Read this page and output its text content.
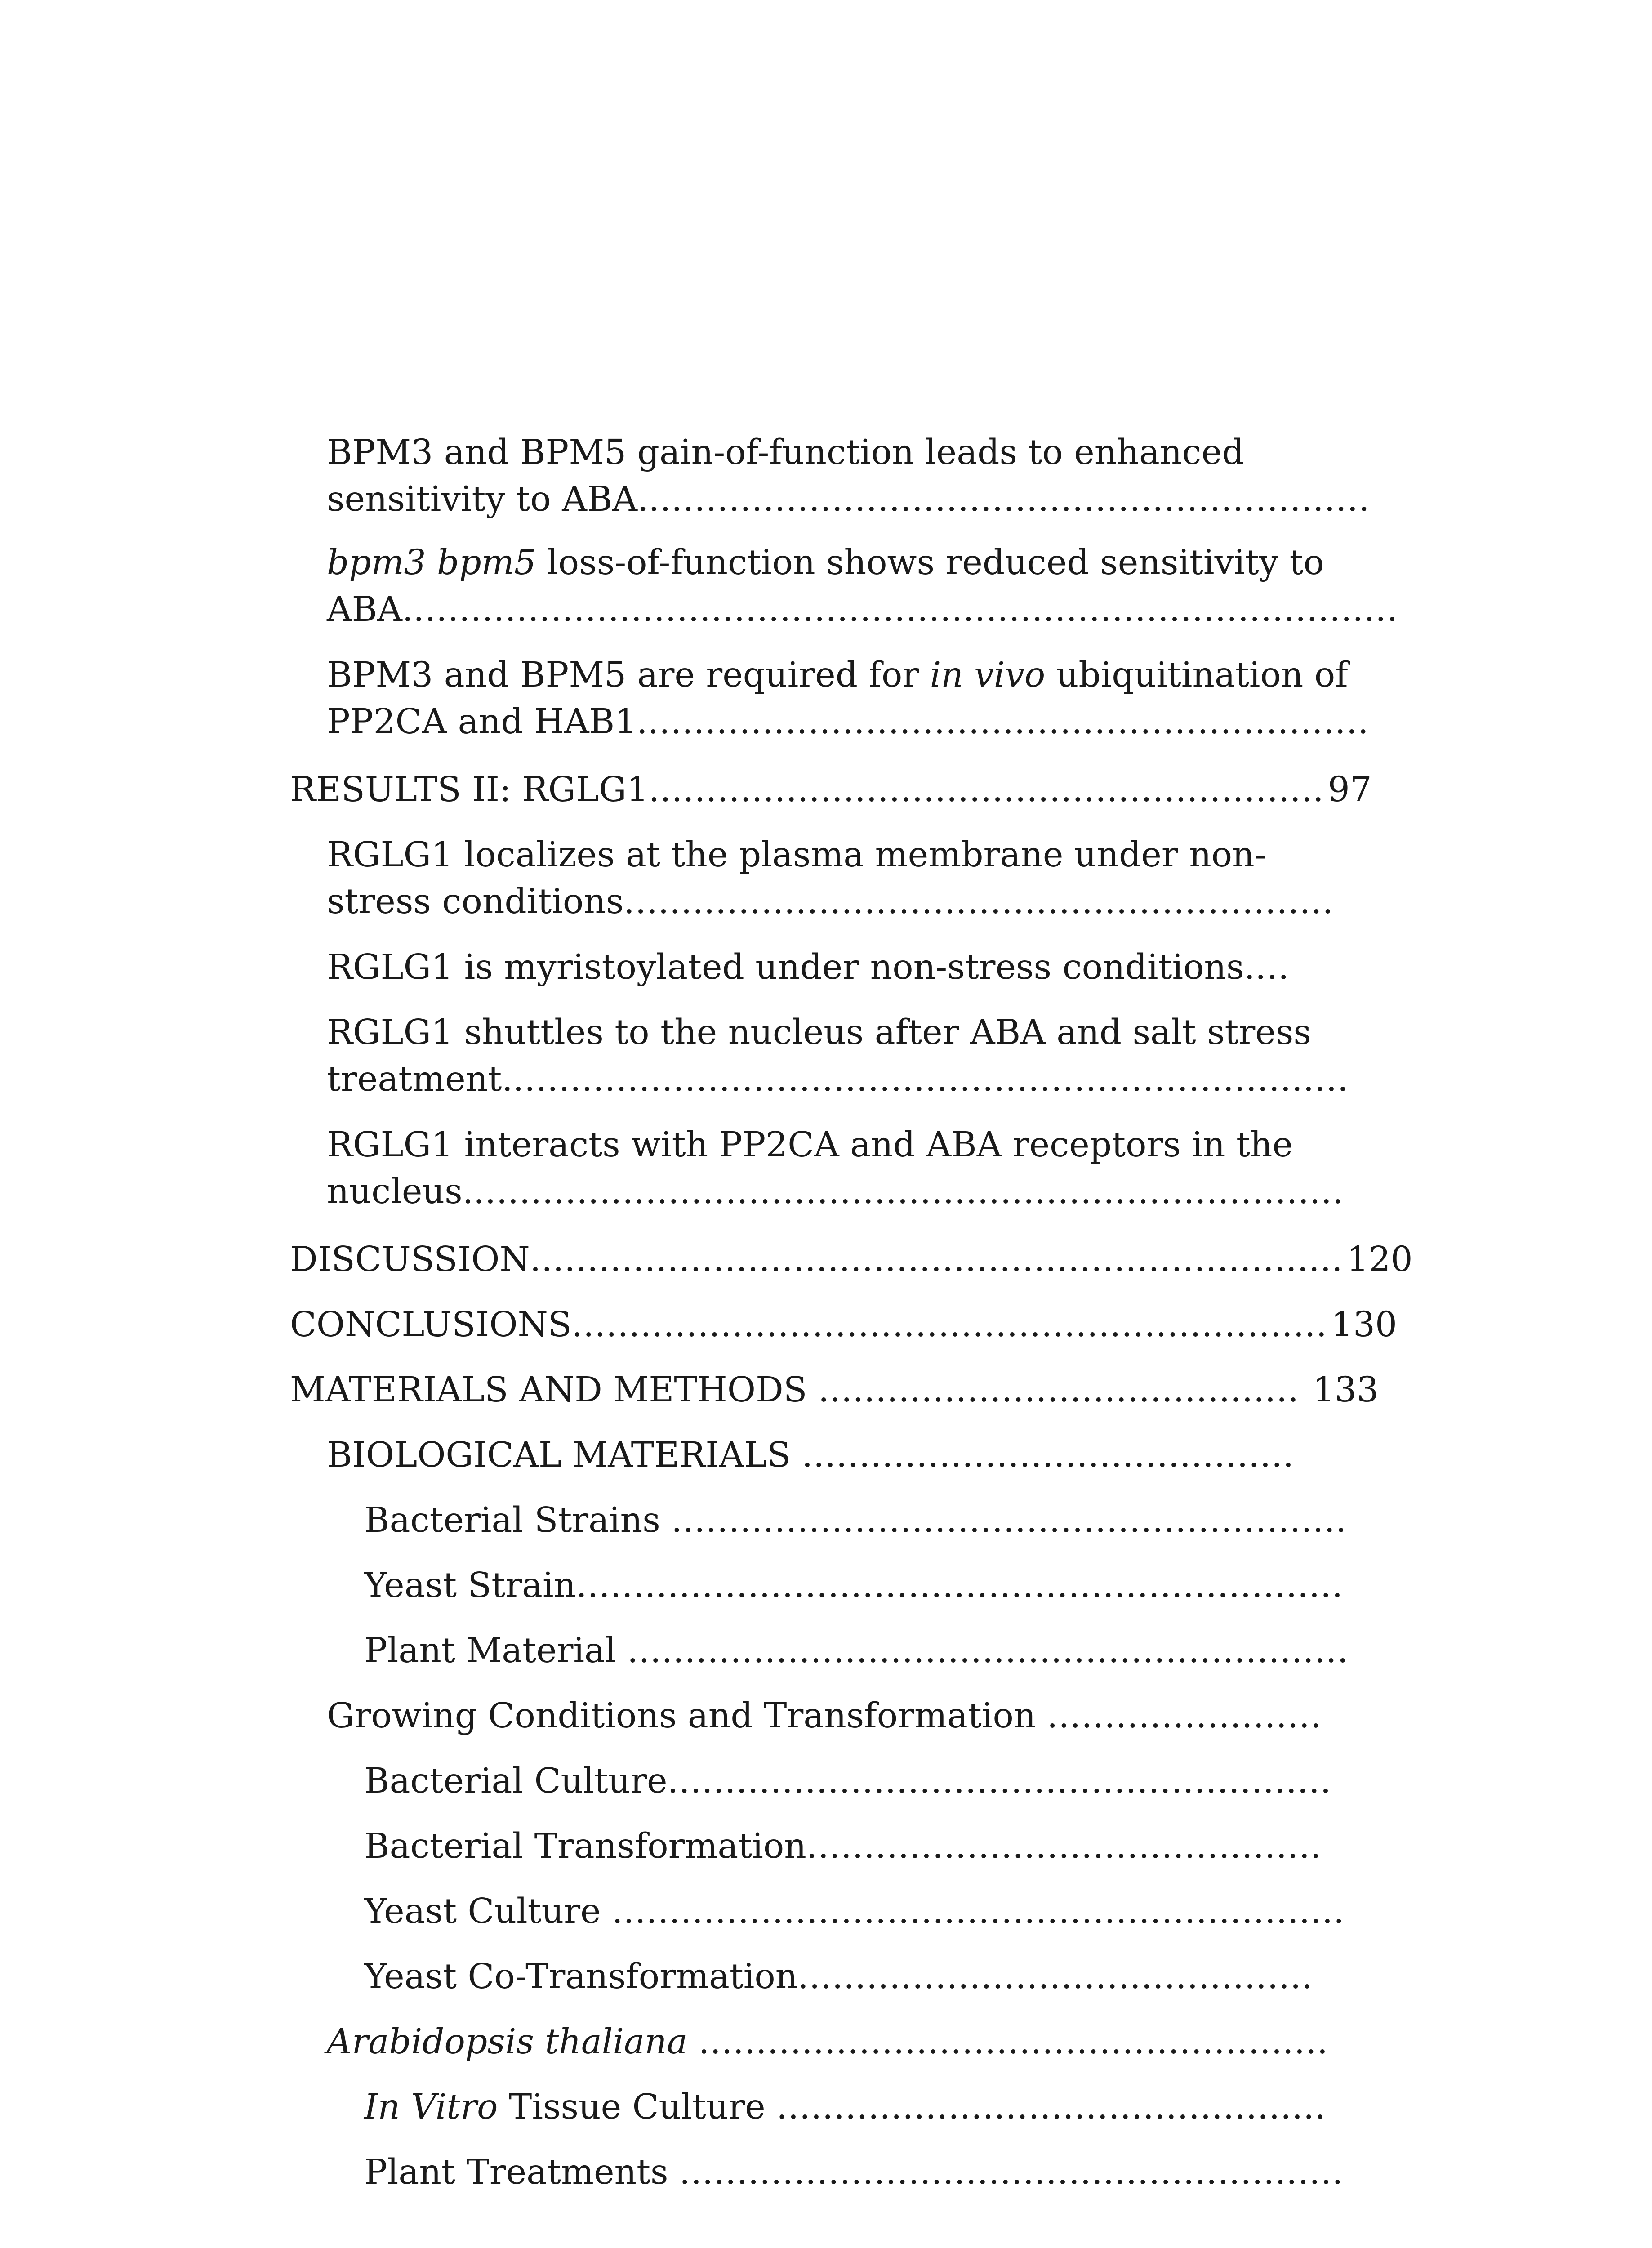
BPM3 and BPM5 gain-of-function leads to enhanced
sensitivity to ABA................................................................
bpm3 bpm5 loss-of-function shows reduced sensitivity to
ABA.......................................................................................
BPM3 and BPM5 are required for in vivo ubiquitination of
PP2CA and HAB1................................................................
RESULTS II: RGLG1........................................................... 97
RGLG1 localizes at the plasma membrane under non-
stress conditions..............................................................
RGLG1 is myristoylated under non-stress conditions....
RGLG1 shuttles to the nucleus after ABA and salt stress
treatment..........................................................................
RGLG1 interacts with PP2CA and ABA receptors in the
nucleus.............................................................................
DISCUSSION....................................................................... 120
CONCLUSIONS.................................................................. 130
MATERIALS AND METHODS .......................................... 133
BIOLOGICAL MATERIALS ...........................................
Bacterial Strains ...........................................................
Yeast Strain...................................................................
Plant Material ...............................................................
Growing Conditions and Transformation ........................
Bacterial Culture..........................................................
Bacterial Transformation.............................................
Yeast Culture ................................................................
Yeast Co-Transformation.............................................
Arabidopsis thaliana .......................................................
In Vitro Tissue Culture ................................................
Plant Treatments ..........................................................
